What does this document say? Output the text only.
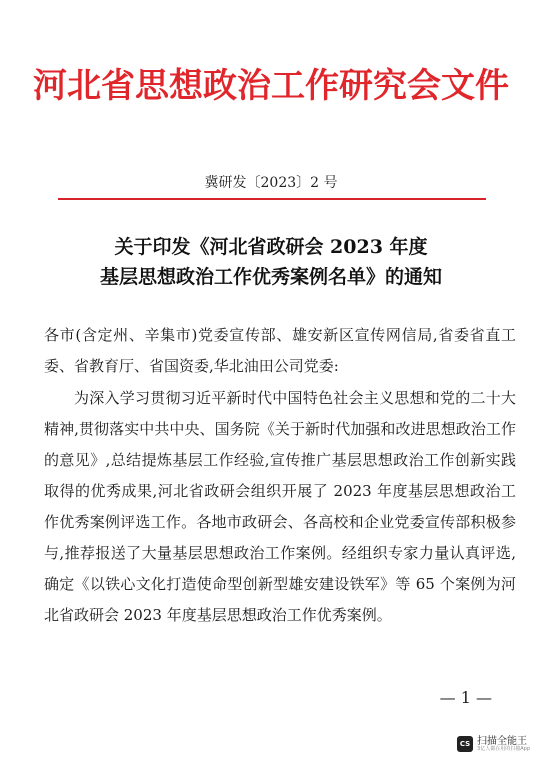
河北省思想政治工作研究会文件
冀研发〔2023〕2 号
关于印发《河北省政研会 2023 年度
基层思想政治工作优秀案例名单》的通知
各市(含定州、辛集市)党委宣传部、雄安新区宣传网信局,省委省直工委、省教育厅、省国资委,华北油田公司党委:
为深入学习贯彻习近平新时代中国特色社会主义思想和党的二十大精神,贯彻落实中共中央、国务院《关于新时代加强和改进思想政治工作的意见》,总结提炼基层工作经验,宣传推广基层思想政治工作创新实践取得的优秀成果,河北省政研会组织开展了 2023 年度基层思想政治工作优秀案例评选工作。各地市政研会、各高校和企业党委宣传部积极参与,推荐报送了大量基层思想政治工作案例。经组织专家力量认真评选,确定《以铁心文化打造使命型创新型雄安建设铁军》等 65 个案例为河北省政研会 2023 年度基层思想政治工作优秀案例。
— 1 —
CS 扫描全能王
3亿人都在用的扫描App
